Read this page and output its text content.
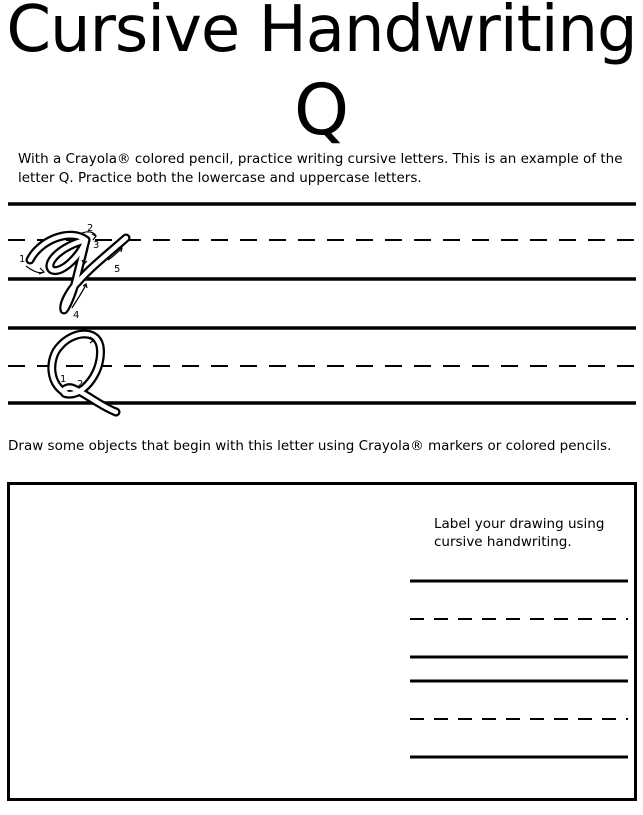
Cursive Handwriting
Q
With a Crayola® colored pencil, practice writing cursive letters. This is an example of the letter Q. Practice both the lowercase and uppercase letters.
1
2
3
4
5
1 2
Draw some objects that begin with this letter using Crayola® markers or colored pencils.
Label your drawing using cursive handwriting.
